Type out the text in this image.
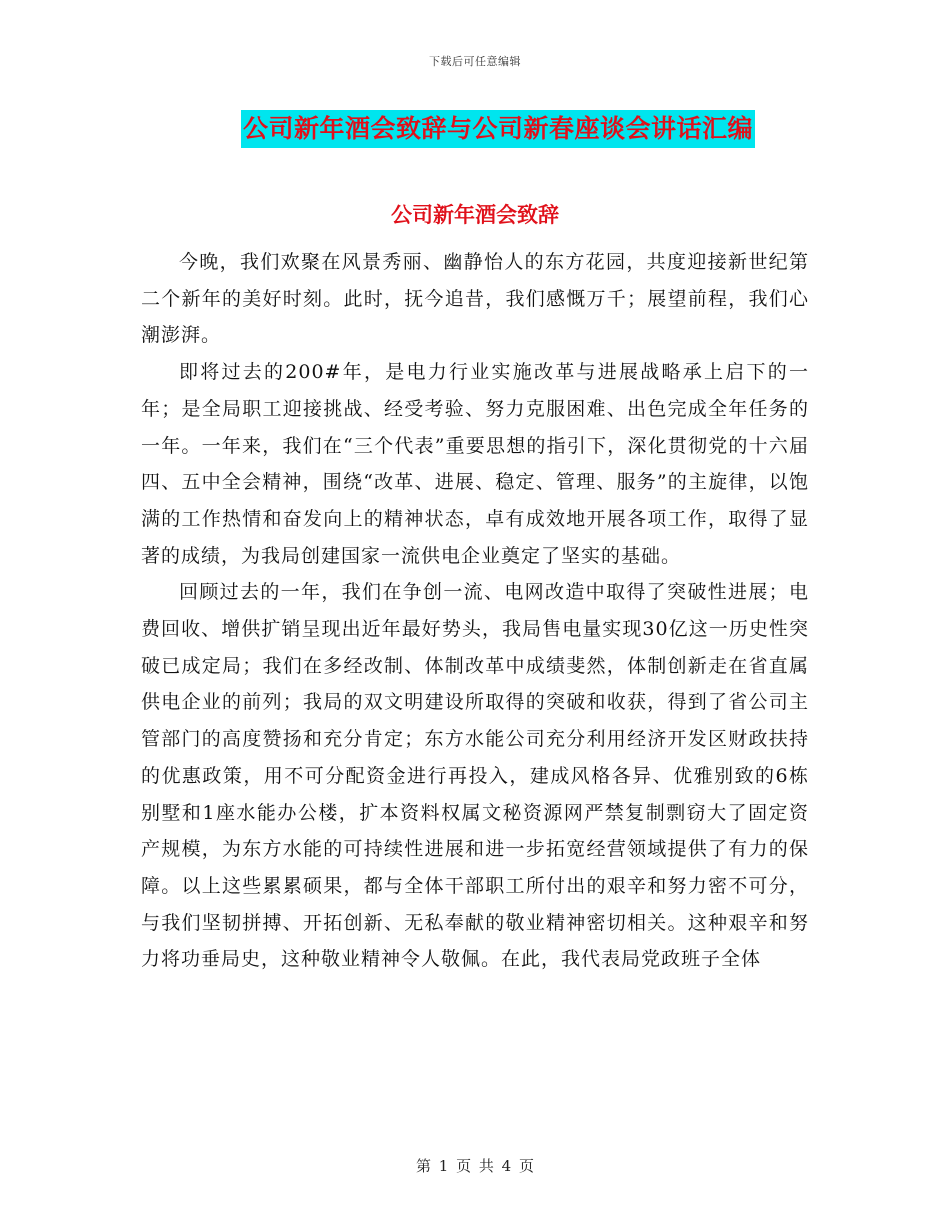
下载后可任意编辑
公司新年酒会致辞与公司新春座谈会讲话汇编
公司新年酒会致辞

今晚，我们欢聚在风景秀丽、幽静怡人的东方花园，共度迎接新世纪第二个新年的美好时刻。此时，抚今追昔，我们感慨万千；展望前程，我们心潮澎湃。

即将过去的200#年，是电力行业实施改革与进展战略承上启下的一年；是全局职工迎接挑战、经受考验、努力克服困难、出色完成全年任务的一年。一年来，我们在“三个代表”重要思想的指引下，深化贯彻党的十六届四、五中全会精神，围绕“改革、进展、稳定、管理、服务”的主旋律，以饱满的工作热情和奋发向上的精神状态，卓有成效地开展各项工作，取得了显著的成绩，为我局创建国家一流供电企业奠定了坚实的基础。

回顾过去的一年，我们在争创一流、电网改造中取得了突破性进展；电费回收、增供扩销呈现出近年最好势头，我局售电量实现30亿这一历史性突破已成定局；我们在多经改制、体制改革中成绩斐然，体制创新走在省直属供电企业的前列；我局的双文明建设所取得的突破和收获，得到了省公司主管部门的高度赞扬和充分肯定；东方水能公司充分利用经济开发区财政扶持的优惠政策，用不可分配资金进行再投入，建成风格各异、优雅别致的6栋别墅和1座水能办公楼，扩本资料权属文秘资源网严禁复制剽窃大了固定资产规模，为东方水能的可持续性进展和进一步拓宽经营领域提供了有力的保障。以上这些累累硕果，都与全体干部职工所付出的艰辛和努力密不可分，与我们坚韧拼搏、开拓创新、无私奉献的敬业精神密切相关。这种艰辛和努力将功垂局史，这种敬业精神令人敬佩。在此，我代表局党政班子全体

第 1 页 共 4 页
